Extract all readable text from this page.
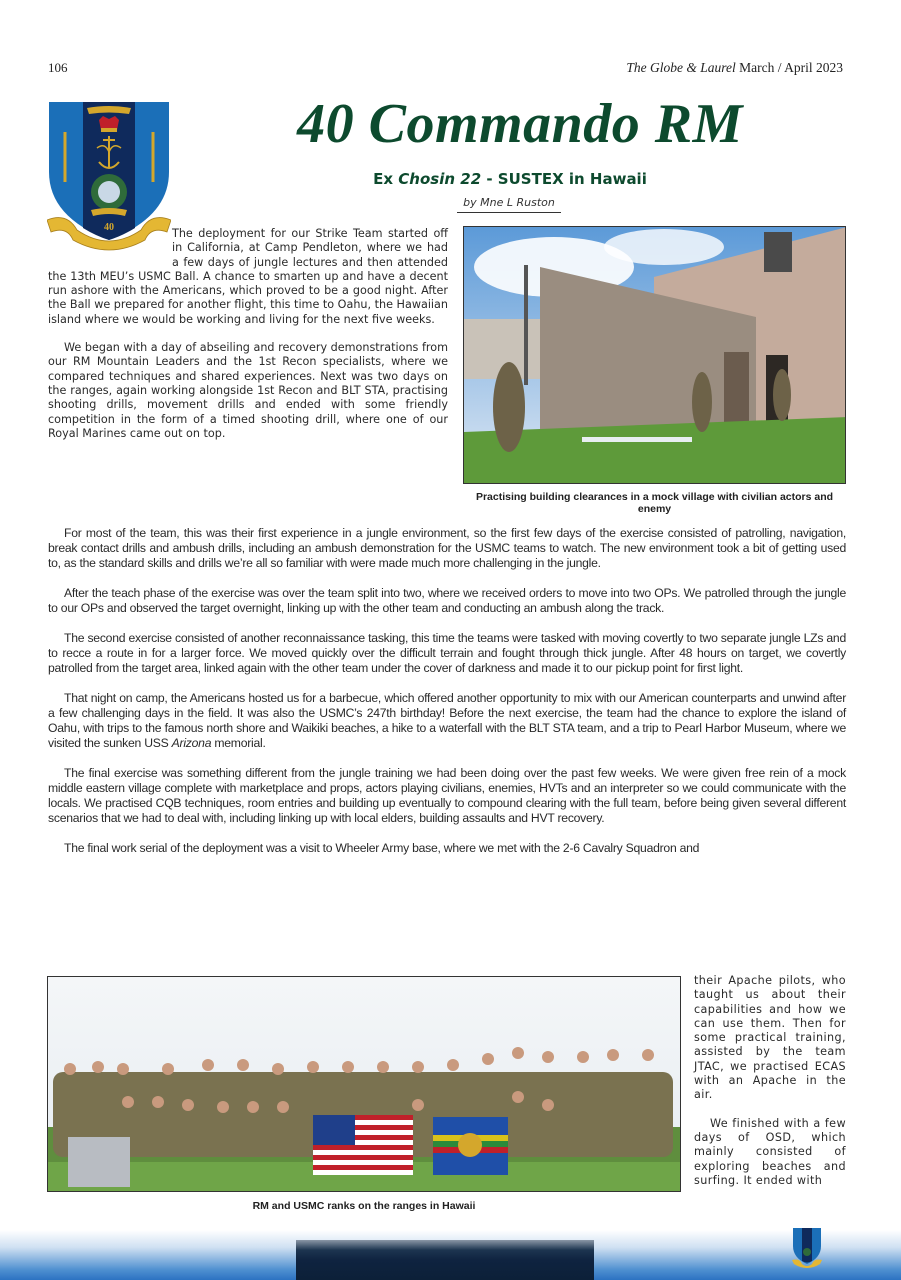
106	The Globe & Laurel March / April 2023
40
40 Commando RM
Ex Chosin 22 - SUSTEX in Hawaii
by Mne L Ruston

The deployment for our Strike Team started off in California, at Camp Pendleton, where we had a few days of jungle lectures and then attended the 13th MEU’s USMC Ball. A chance to smarten up and have a decent run ashore with the Americans, which proved to be a good night. After the Ball we prepared for another flight, this time to Oahu, the Hawaiian island where we would be working and living for the next five weeks.

We began with a day of abseiling and recovery demonstrations from our RM Mountain Leaders and the 1st Recon specialists, where we compared techniques and shared experiences. Next was two days on the ranges, again working alongside 1st Recon and BLT STA, practising shooting drills, movement drills and ended with some friendly competition in the form of a timed shooting drill, where one of our Royal Marines came out on top.

Practising building clearances in a mock village with civilian actors and enemy

For most of the team, this was their first experience in a jungle environment, so the first few days of the exercise consisted of patrolling, navigation, break contact drills and ambush drills, including an ambush demonstration for the USMC teams to watch. The new environment took a bit of getting used to, as the standard skills and drills we’re all so familiar with were made much more challenging in the jungle.

After the teach phase of the exercise was over the team split into two, where we received orders to move into two OPs. We patrolled through the jungle to our OPs and observed the target overnight, linking up with the other team and conducting an ambush along the track.

The second exercise consisted of another reconnaissance tasking, this time the teams were tasked with moving covertly to two separate jungle LZs and to recce a route in for a larger force. We moved quickly over the difficult terrain and fought through thick jungle. After 48 hours on target, we covertly patrolled from the target area, linked again with the other team under the cover of darkness and made it to our pickup point for first light.

That night on camp, the Americans hosted us for a barbecue, which offered another opportunity to mix with our American counterparts and unwind after a few challenging days in the field. It was also the USMC’s 247th birthday! Before the next exercise, the team had the chance to explore the island of Oahu, with trips to the famous north shore and Waikiki beaches, a hike to a waterfall with the BLT STA team, and a trip to Pearl Harbor Museum, where we visited the sunken USS Arizona memorial.

The final exercise was something different from the jungle training we had been doing over the past few weeks. We were given free rein of a mock middle eastern village complete with marketplace and props, actors playing civilians, enemies, HVTs and an interpreter so we could communicate with the locals. We practised CQB techniques, room entries and building up eventually to compound clearing with the full team, before being given several different scenarios that we had to deal with, including linking up with local elders, building assaults and HVT recovery.

The final work serial of the deployment was a visit to Wheeler Army base, where we met with the 2-6 Cavalry Squadron and

RM and USMC ranks on the ranges in Hawaii

their Apache pilots, who taught us about their capabilities and how we can use them. Then for some practical training, assisted by the team JTAC, we practised ECAS with an Apache in the air.

We finished with a few days of OSD, which mainly consisted of exploring beaches and surfing. It ended with
